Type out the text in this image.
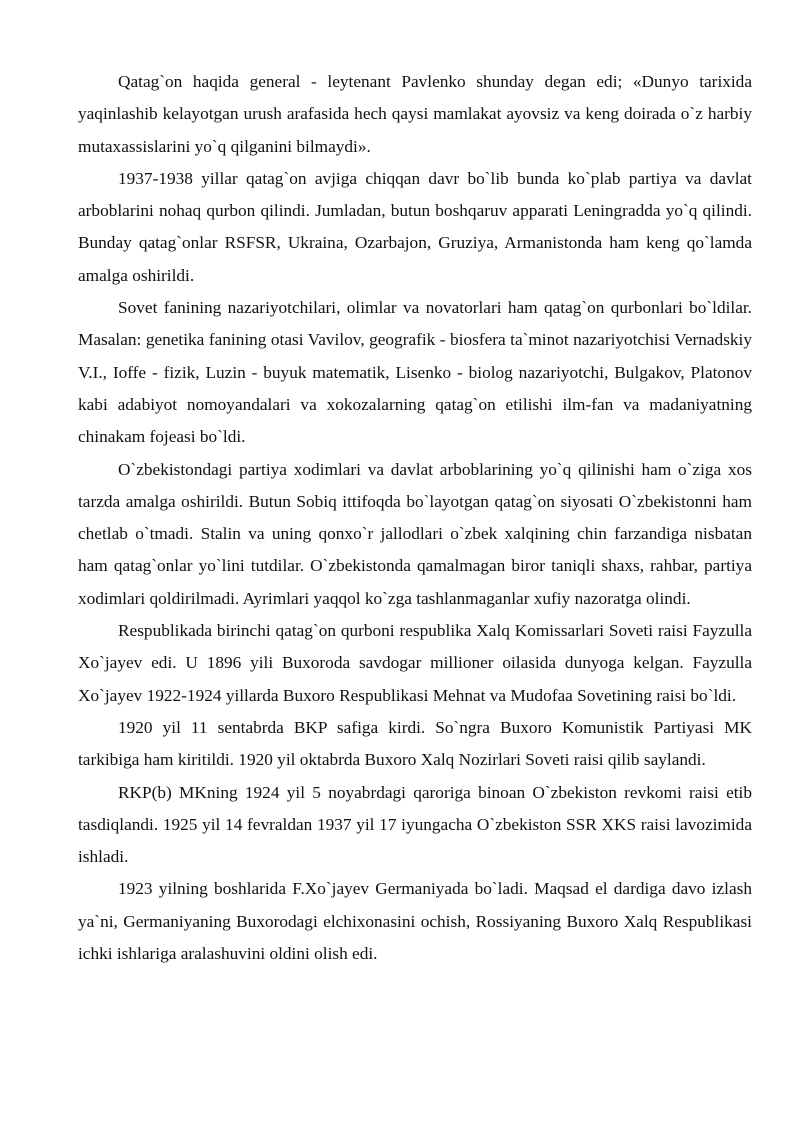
Qatag`on haqida general - leytenant Pavlenko shunday degan edi; «Dunyo tarixida yaqinlashib kelayotgan urush arafasida hech qaysi mamlakat ayovsiz va keng doirada o`z harbiy mutaxassislarini yo`q qilganini bilmaydi».

1937-1938 yillar qatag`on avjiga chiqqan davr bo`lib bunda ko`plab partiya va davlat arboblarini nohaq qurbon qilindi. Jumladan, butun boshqaruv apparati Leningradda yo`q qilindi. Bunday qatag`onlar RSFSR, Ukraina, Ozarbajon, Gruziya, Armanistonda ham keng qo`lamda amalga oshirildi.

Sovet fanining nazariyotchilari, olimlar va novatorlari ham qatag`on qurbonlari bo`ldilar. Masalan: genetika fanining otasi Vavilov, geografik - biosfera ta`minot nazariyotchisi Vernadskiy V.I., Ioffe - fizik, Luzin - buyuk matematik, Lisenko - biolog nazariyotchi, Bulgakov, Platonov kabi adabiyot nomoyandalari va xokozalarning qatag`on etilishi ilm-fan va madaniyatning chinakam fojeasi bo`ldi.

O`zbekistondagi partiya xodimlari va davlat arboblarining yo`q qilinishi ham o`ziga xos tarzda amalga oshirildi. Butun Sobiq ittifoqda bo`layotgan qatag`on siyosati O`zbekistonni ham chetlab o`tmadi. Stalin va uning qonxo`r jallodlari o`zbek xalqining chin farzandiga nisbatan ham qatag`onlar yo`lini tutdilar. O`zbekistonda qamalmagan biror taniqli shaxs, rahbar, partiya xodimlari qoldirilmadi. Ayrimlari yaqqol ko`zga tashlanmaganlar xufiy nazoratga olindi.

Respublikada birinchi qatag`on qurboni respublika Xalq Komissarlari Soveti raisi Fayzulla Xo`jayev edi. U 1896 yili Buxoroda savdogar millioner oilasida dunyoga kelgan. Fayzulla Xo`jayev 1922-1924 yillarda Buxoro Respublikasi Mehnat va Mudofaa Sovetining raisi bo`ldi.

1920 yil 11 sentabrda BKP safiga kirdi. So`ngra Buxoro Komunistik Partiyasi MK tarkibiga ham kiritildi. 1920 yil oktabrda Buxoro Xalq Nozirlari Soveti raisi qilib saylandi.

RKP(b) MKning 1924 yil 5 noyabrdagi qaroriga binoan O`zbekiston revkomi raisi etib tasdiqlandi. 1925 yil 14 fevraldan 1937 yil 17 iyungacha O`zbekiston SSR XKS raisi lavozimida ishladi.

1923 yilning boshlarida F.Xo`jayev Germaniyada bo`ladi. Maqsad el dardiga davo izlash ya`ni, Germaniyaning Buxorodagi elchixonasini ochish, Rossiyaning Buxoro Xalq Respublikasi ichki ishlariga aralashuvini oldini olish edi.
